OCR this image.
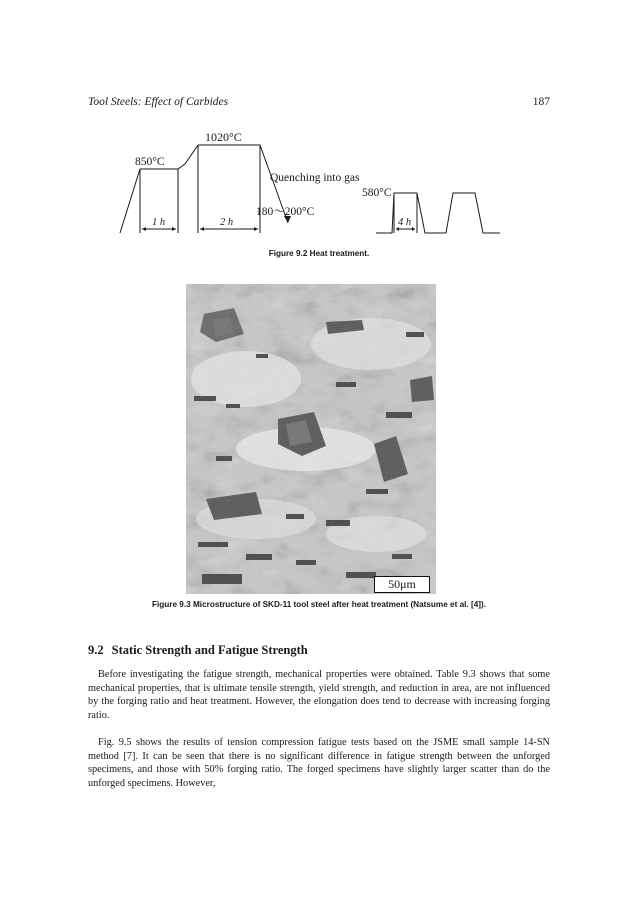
Tool Steels: Effect of Carbides	187
1020°C
850°C
Quenching into gas
580°C
180～200°C
1 h	2 h	4 h
Figure 9.2 Heat treatment.
50μm
Figure 9.3 Microstructure of SKD-11 tool steel after heat treatment (Natsume et al. [4]).
9.2 Static Strength and Fatigue Strength

Before investigating the fatigue strength, mechanical properties were obtained. Table 9.3 shows that some mechanical properties, that is ultimate tensile strength, yield strength, and reduction in area, are not influenced by the forging ratio and heat treatment. However, the elongation does tend to decrease with increasing forging ratio.

Fig. 9.5 shows the results of tension compression fatigue tests based on the JSME small sample 14-SN method [7]. It can be seen that there is no significant difference in fatigue strength between the unforged specimens, and those with 50% forging ratio. The forged specimens have slightly larger scatter than do the unforged specimens. However,
